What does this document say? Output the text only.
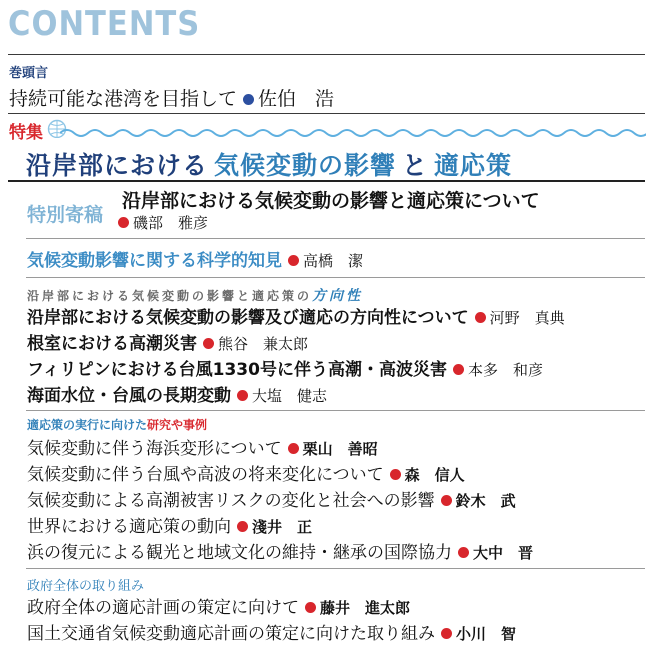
CONTENTS
巻頭言
持続可能な港湾を目指して 佐伯　浩
特集
沿岸部における 気候変動の影響 と 適応策
特別寄稿
沿岸部における気候変動の影響と適応策について
磯部　雅彦
気候変動影響に関する科学的知見 高橋　潔
沿岸部における気候変動の影響と適応策の方向性
沿岸部における気候変動の影響及び適応の方向性について 河野　真典
根室における高潮災害 熊谷　兼太郎
フィリピンにおける台風1330号に伴う高潮・高波災害 本多　和彦
海面水位・台風の長期変動 大塩　健志
適応策の実行に向けた研究や事例
気候変動に伴う海浜変形について 栗山　善昭
気候変動に伴う台風や高波の将来変化について 森　信人
気候変動による高潮被害リスクの変化と社会への影響 鈴木　武
世界における適応策の動向 淺井　正
浜の復元による観光と地域文化の維持・継承の国際協力 大中　晋
政府全体の取り組み
政府全体の適応計画の策定に向けて 藤井　進太郎
国土交通省気候変動適応計画の策定に向けた取り組み 小川　智
